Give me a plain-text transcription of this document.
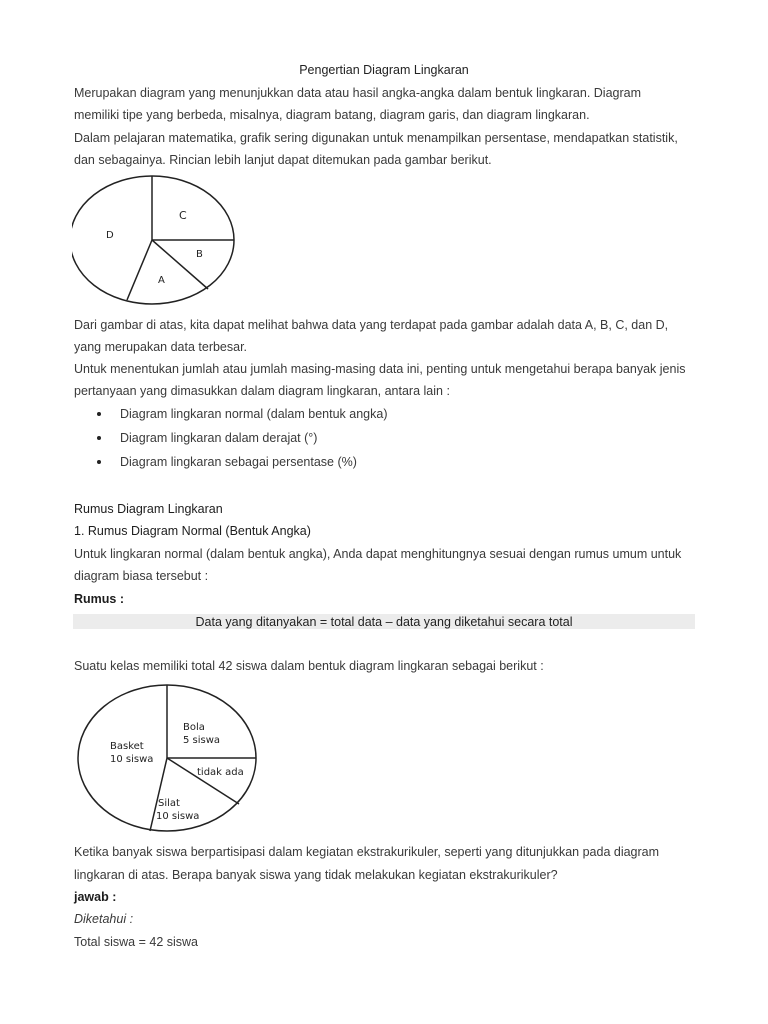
Pengertian Diagram Lingkaran
Merupakan diagram yang menunjukkan data atau hasil angka-angka dalam bentuk lingkaran. Diagram
memiliki tipe yang berbeda, misalnya, diagram batang, diagram garis, dan diagram lingkaran.
Dalam pelajaran matematika, grafik sering digunakan untuk menampilkan persentase, mendapatkan statistik,
dan sebagainya. Rincian lebih lanjut dapat ditemukan pada gambar berikut.
C
B
A
D
Dari gambar di atas, kita dapat melihat bahwa data yang terdapat pada gambar adalah data A, B, C, dan D,
yang merupakan data terbesar.
Untuk menentukan jumlah atau jumlah masing-masing data ini, penting untuk mengetahui berapa banyak jenis
pertanyaan yang dimasukkan dalam diagram lingkaran, antara lain :
Diagram lingkaran normal (dalam bentuk angka)
Diagram lingkaran dalam derajat (°)
Diagram lingkaran sebagai persentase (%)
Rumus Diagram Lingkaran
1. Rumus Diagram Normal (Bentuk Angka)
Untuk lingkaran normal (dalam bentuk angka), Anda dapat menghitungnya sesuai dengan rumus umum untuk
diagram biasa tersebut :
Rumus :
Data yang ditanyakan = total data – data yang diketahui secara total
Suatu kelas memiliki total 42 siswa dalam bentuk diagram lingkaran sebagai berikut :
Bola
5 siswa
Basket
10 siswa
tidak ada
Silat
10 siswa
Ketika banyak siswa berpartisipasi dalam kegiatan ekstrakurikuler, seperti yang ditunjukkan pada diagram
lingkaran di atas. Berapa banyak siswa yang tidak melakukan kegiatan ekstrakurikuler?
jawab :
Diketahui :
Total siswa = 42 siswa
